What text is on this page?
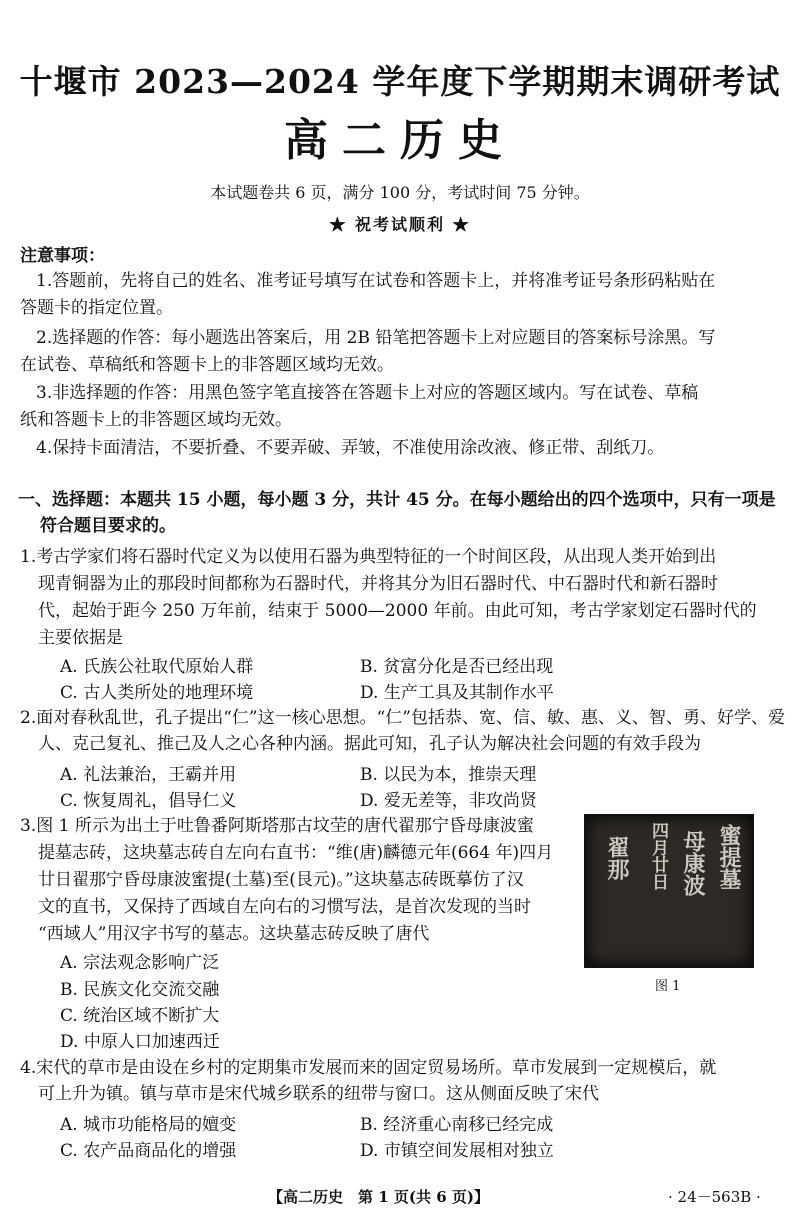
十堰市 2023—2024 学年度下学期期末调研考试
高二历史
本试题卷共 6 页，满分 100 分，考试时间 75 分钟。
★ 祝考试顺利 ★
注意事项：
1.答题前，先将自己的姓名、准考证号填写在试卷和答题卡上，并将准考证号条形码粘贴在
答题卡的指定位置。
2.选择题的作答：每小题选出答案后，用 2B 铅笔把答题卡上对应题目的答案标号涂黑。写
在试卷、草稿纸和答题卡上的非答题区域均无效。
3.非选择题的作答：用黑色签字笔直接答在答题卡上对应的答题区域内。写在试卷、草稿
纸和答题卡上的非答题区域均无效。
4.保持卡面清洁，不要折叠、不要弄破、弄皱，不准使用涂改液、修正带、刮纸刀。
一、选择题：本题共 15 小题，每小题 3 分，共计 45 分。在每小题给出的四个选项中，只有一项是
符合题目要求的。
1.考古学家们将石器时代定义为以使用石器为典型特征的一个时间区段，从出现人类开始到出
现青铜器为止的那段时间都称为石器时代，并将其分为旧石器时代、中石器时代和新石器时
代，起始于距今 250 万年前，结束于 5000—2000 年前。由此可知，考古学家划定石器时代的
主要依据是
A. 氏族公社取代原始人群	B. 贫富分化是否已经出现
C. 古人类所处的地理环境	D. 生产工具及其制作水平
2.面对春秋乱世，孔子提出“仁”这一核心思想。“仁”包括恭、宽、信、敏、惠、义、智、勇、好学、爱
人、克己复礼、推己及人之心各种内涵。据此可知，孔子认为解决社会问题的有效手段为
A. 礼法兼治，王霸并用	B. 以民为本，推崇天理
C. 恢复周礼，倡导仁义	D. 爱无差等，非攻尚贤
3.图 1 所示为出土于吐鲁番阿斯塔那古坟茔的唐代翟那宁昏母康波蜜
提墓志砖，这块墓志砖自左向右直书：“维(唐)麟德元年(664 年)四月
廿日翟那宁昏母康波蜜提(土墓)至(艮元)。”这块墓志砖既摹仿了汉
文的直书，又保持了西域自左向右的习惯写法，是首次发现的当时
“西域人”用汉字书写的墓志。这块墓志砖反映了唐代
A. 宗法观念影响广泛
B. 民族文化交流交融
C. 统治区域不断扩大
D. 中原人口加速西迁
蜜提墓
母康波
四月廿日
翟那
图 1
4.宋代的草市是由设在乡村的定期集市发展而来的固定贸易场所。草市发展到一定规模后，就
可上升为镇。镇与草市是宋代城乡联系的纽带与窗口。这从侧面反映了宋代
A. 城市功能格局的嬗变	B. 经济重心南移已经完成
C. 农产品商品化的增强	D. 市镇空间发展相对独立
【高二历史　第 1 页(共 6 页)】	· 24－563B ·
